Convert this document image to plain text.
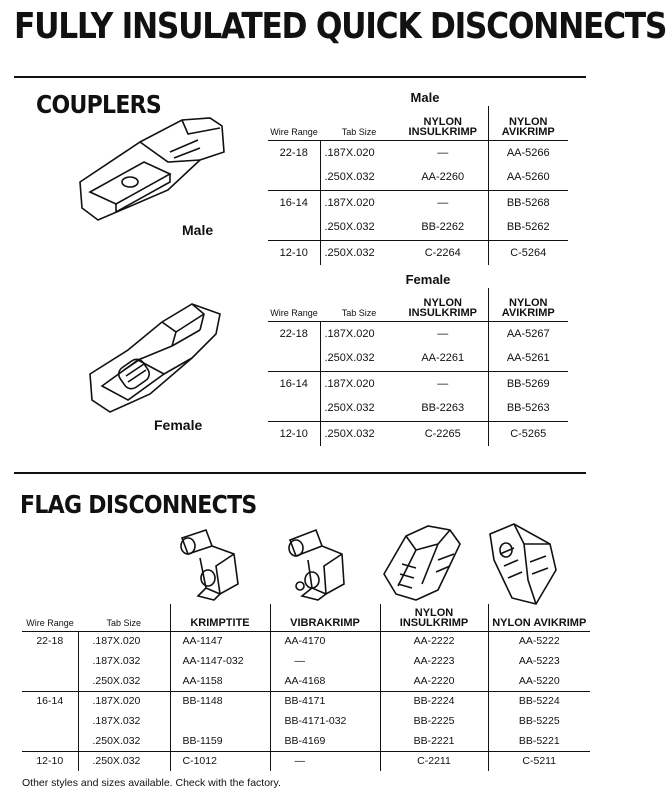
FULLY INSULATED QUICK DISCONNECTS
COUPLERS
Male
Female
Male
Wire Range	Tab Size	NYLON INSULKRIMP	NYLON AVIKRIMP
22-18	.187X.020	—	AA-5266
	.250X.032	AA-2260	AA-5260
16-14	.187X.020	—	BB-5268
	.250X.032	BB-2262	BB-5262
12-10	.250X.032	C-2264	C-5264
Female
Wire Range	Tab Size	NYLON INSULKRIMP	NYLON AVIKRIMP
22-18	.187X.020	—	AA-5267
	.250X.032	AA-2261	AA-5261
16-14	.187X.020	—	BB-5269
	.250X.032	BB-2263	BB-5263
12-10	.250X.032	C-2265	C-5265
FLAG DISCONNECTS
Wire Range	Tab Size	KRIMPTITE	VIBRAKRIMP	NYLON INSULKRIMP	NYLON AVIKRIMP
22-18	.187X.020	AA-1147	AA-4170	AA-2222	AA-5222
	.187X.032	AA-1147-032	—	AA-2223	AA-5223
	.250X.032	AA-1158	AA-4168	AA-2220	AA-5220
16-14	.187X.020	BB-1148	BB-4171	BB-2224	BB-5224
	.187X.032		BB-4171-032	BB-2225	BB-5225
	.250X.032	BB-1159	BB-4169	BB-2221	BB-5221
12-10	.250X.032	C-1012	—	C-2211	C-5211
Other styles and sizes available. Check with the factory.
